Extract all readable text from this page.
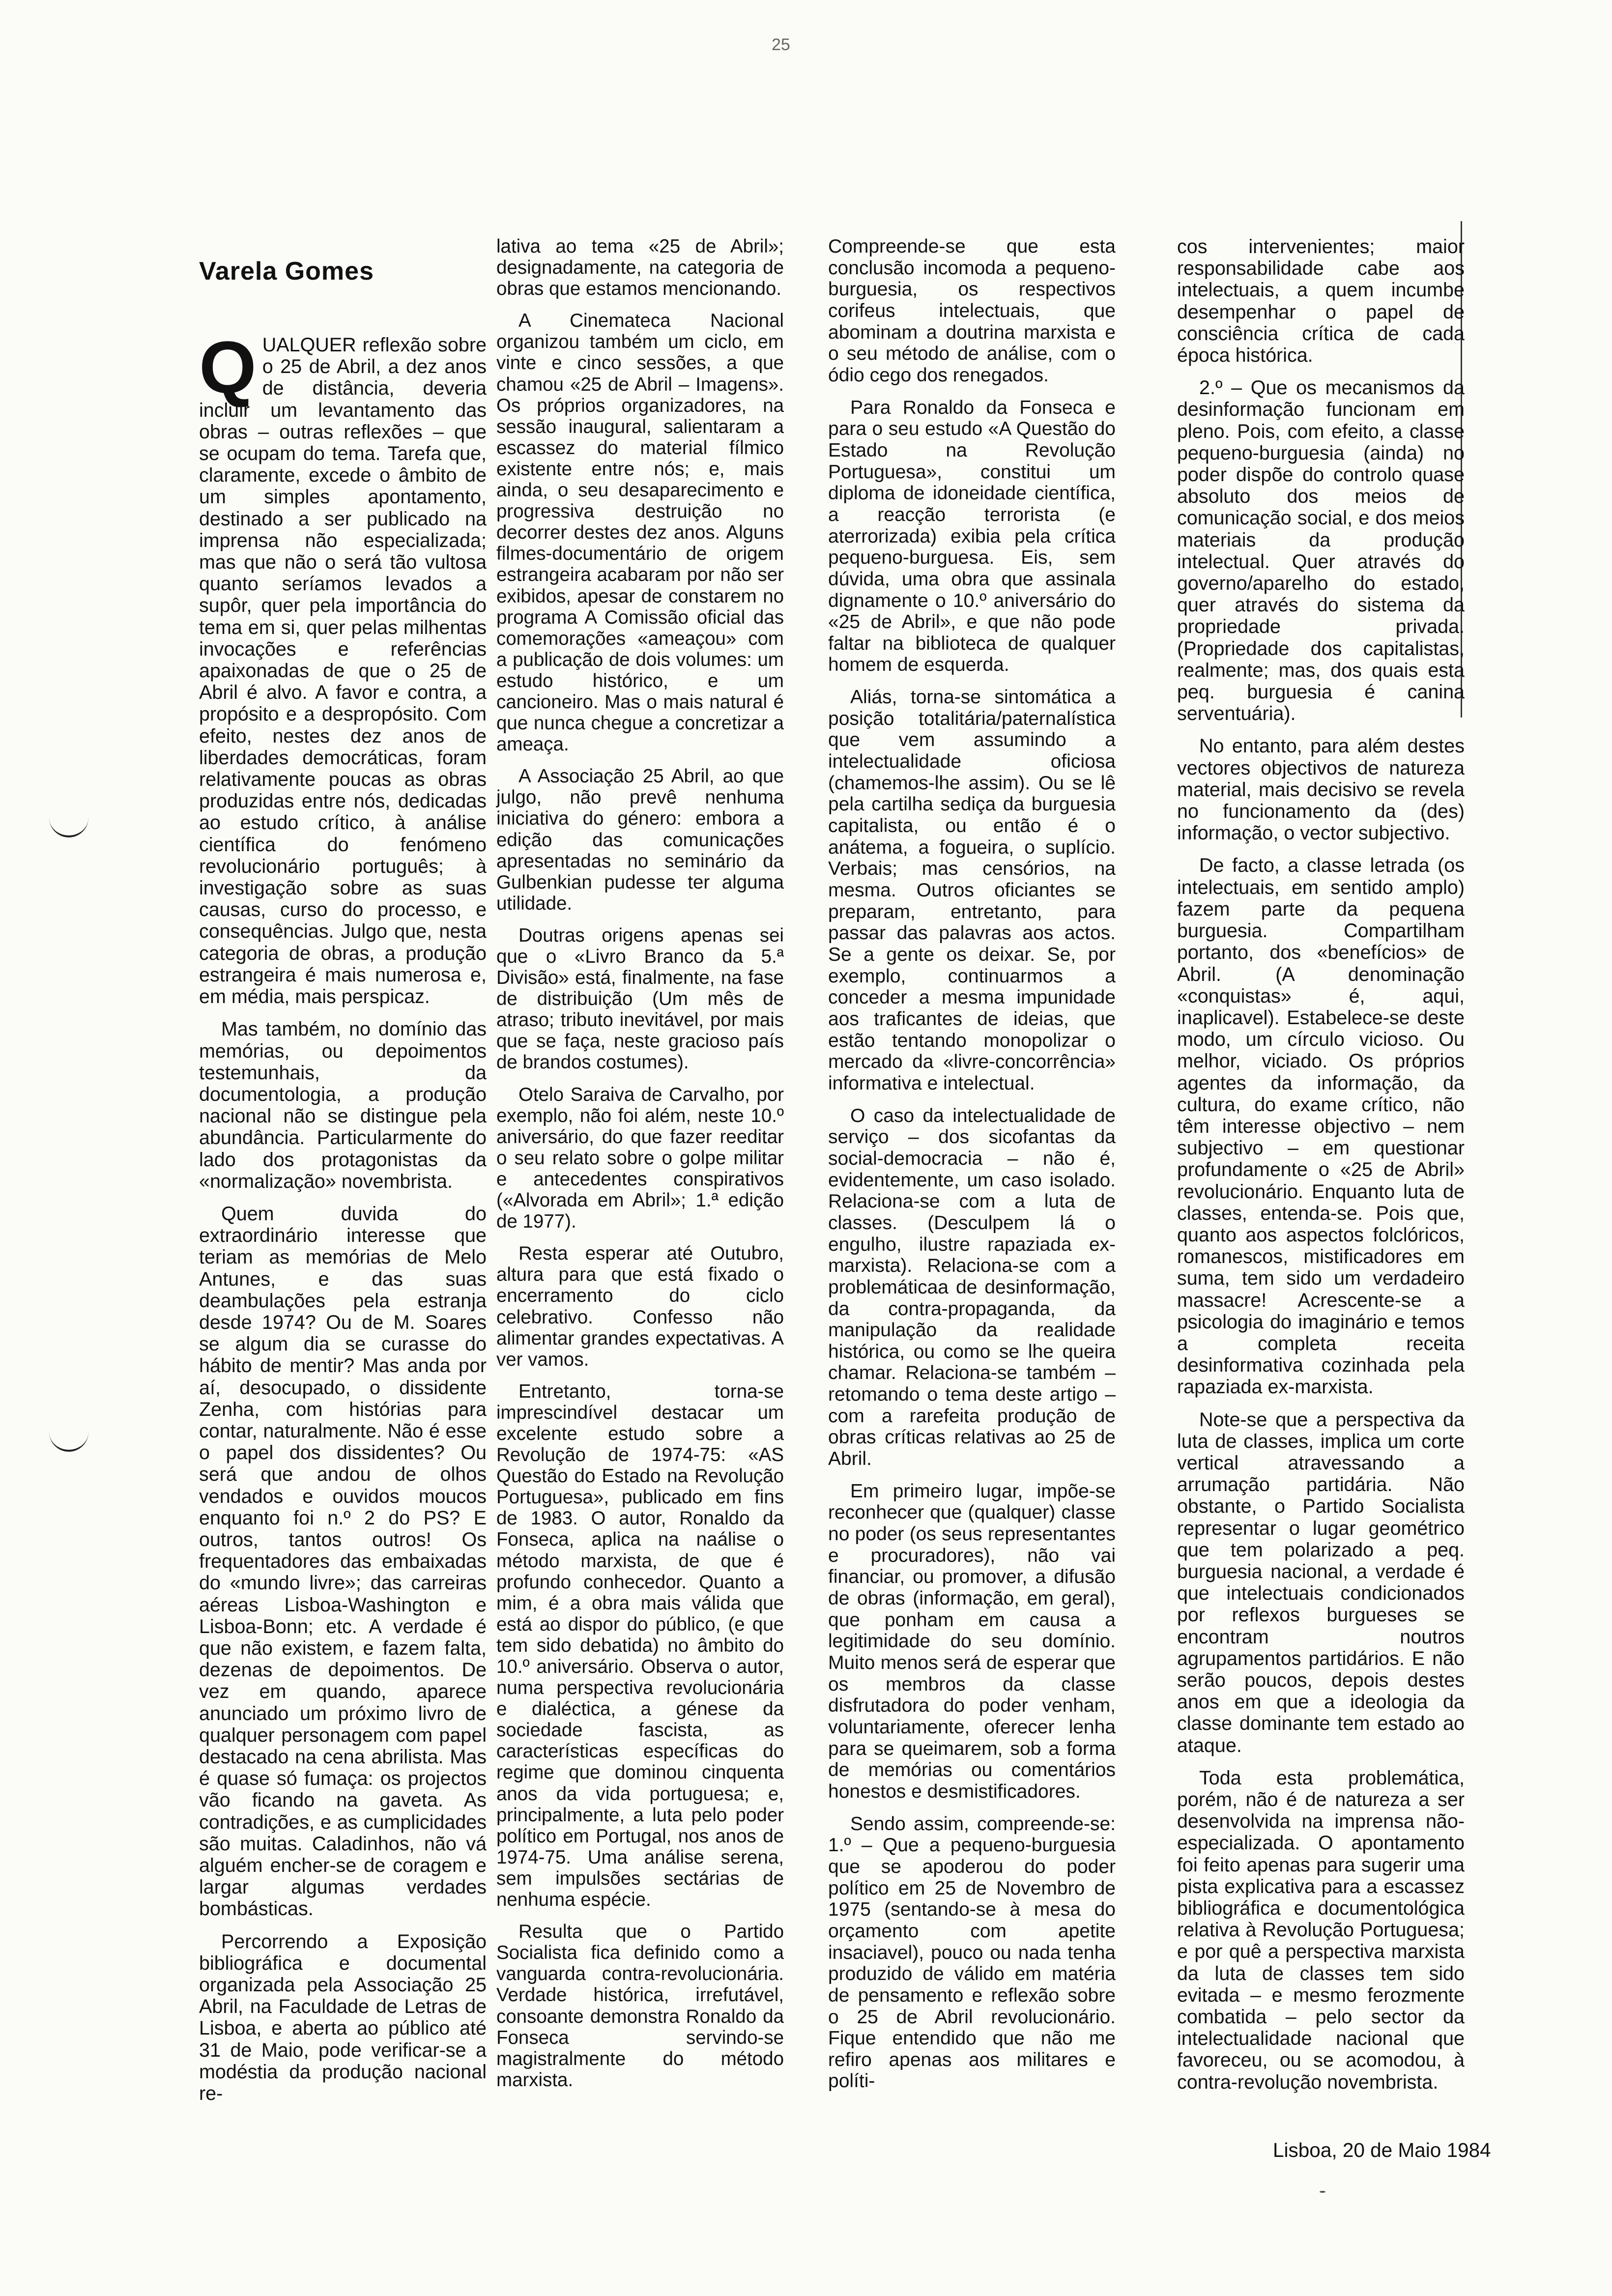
25
Varela Gomes

QUALQUER reflexão sobre o 25 de Abril, a dez anos de distância, deveria incluir um levantamento das obras – outras reflexões – que se ocupam do tema. Tarefa que, claramente, excede o âmbito de um simples apontamento, destinado a ser publicado na imprensa não especializada; mas que não o será tão vultosa quanto seríamos levados a supôr, quer pela importância do tema em si, quer pelas milhentas invocações e referências apaixonadas de que o 25 de Abril é alvo. A favor e contra, a propósito e a despropósito. Com efeito, nestes dez anos de liberdades democráticas, foram relativamente poucas as obras produzidas entre nós, dedicadas ao estudo crítico, à análise científica do fenómeno revolucionário português; à investigação sobre as suas causas, curso do processo, e consequências. Julgo que, nesta categoria de obras, a produção estrangeira é mais numerosa e, em média, mais perspicaz.

Mas também, no domínio das memórias, ou depoimentos testemunhais, da documentologia, a produção nacional não se distingue pela abundância. Particularmente do lado dos protagonistas da «normalização» novembrista.

Quem duvida do extraordinário interesse que teriam as memórias de Melo Antunes, e das suas deambulações pela estranja desde 1974? Ou de M. Soares se algum dia se curasse do hábito de mentir? Mas anda por aí, desocupado, o dissidente Zenha, com histórias para contar, naturalmente. Não é esse o papel dos dissidentes? Ou será que andou de olhos vendados e ouvidos moucos enquanto foi n.º 2 do PS? E outros, tantos outros! Os frequentadores das embaixadas do «mundo livre»; das carreiras aéreas Lisboa-Washington e Lisboa-Bonn; etc. A verdade é que não existem, e fazem falta, dezenas de depoimentos. De vez em quando, aparece anunciado um próximo livro de qualquer personagem com papel destacado na cena abrilista. Mas é quase só fumaça: os projectos vão ficando na gaveta. As contradições, e as cumplicidades são muitas. Caladinhos, não vá alguém encher-se de coragem e largar algumas verdades bombásticas.

Percorrendo a Exposição bibliográfica e documental organizada pela Associação 25 Abril, na Faculdade de Letras de Lisboa, e aberta ao público até 31 de Maio, pode verificar-se a modéstia da produção nacional re-

lativa ao tema «25 de Abril»; designadamente, na categoria de obras que estamos mencionando.

A Cinemateca Nacional organizou também um ciclo, em vinte e cinco sessões, a que chamou «25 de Abril – Imagens». Os próprios organizadores, na sessão inaugural, salientaram a escassez do material fílmico existente entre nós; e, mais ainda, o seu desaparecimento e progressiva destruição no decorrer destes dez anos. Alguns filmes-documentário de origem estrangeira acabaram por não ser exibidos, apesar de constarem no programa A Comissão oficial das comemorações «ameaçou» com a publicação de dois volumes: um estudo histórico, e um cancioneiro. Mas o mais natural é que nunca chegue a concretizar a ameaça.

A Associação 25 Abril, ao que julgo, não prevê nenhuma iniciativa do género: embora a edição das comunicações apresentadas no seminário da Gulbenkian pudesse ter alguma utilidade.

Doutras origens apenas sei que o «Livro Branco da 5.ª Divisão» está, finalmente, na fase de distribuição (Um mês de atraso; tributo inevitável, por mais que se faça, neste gracioso país de brandos costumes).

Otelo Saraiva de Carvalho, por exemplo, não foi além, neste 10.º aniversário, do que fazer reeditar o seu relato sobre o golpe militar e antecedentes conspirativos («Alvorada em Abril»; 1.ª edição de 1977).

Resta esperar até Outubro, altura para que está fixado o encerramento do ciclo celebrativo. Confesso não alimentar grandes expectativas. A ver vamos.

Entretanto, torna-se imprescindível destacar um excelente estudo sobre a Revolução de 1974-75: «AS Questão do Estado na Revolução Portuguesa», publicado em fins de 1983. O autor, Ronaldo da Fonseca, aplica na naálise o método marxista, de que é profundo conhecedor. Quanto a mim, é a obra mais válida que está ao dispor do público, (e que tem sido debatida) no âmbito do 10.º aniversário. Observa o autor, numa perspectiva revolucionária e dialéctica, a génese da sociedade fascista, as características específicas do regime que dominou cinquenta anos da vida portuguesa; e, principalmente, a luta pelo poder político em Portugal, nos anos de 1974-75. Uma análise serena, sem impulsões sectárias de nenhuma espécie.

Resulta que o Partido Socialista fica definido como a vanguarda contra-revolucionária. Verdade histórica, irrefutável, consoante demonstra Ronaldo da Fonseca servindo-se magistralmente do método marxista.

Compreende-se que esta conclusão incomoda a pequeno-burguesia, os respectivos corifeus intelectuais, que abominam a doutrina marxista e o seu método de análise, com o ódio cego dos renegados.

Para Ronaldo da Fonseca e para o seu estudo «A Questão do Estado na Revolução Portuguesa», constitui um diploma de idoneidade científica, a reacção terrorista (e aterrorizada) exibia pela crítica pequeno-burguesa. Eis, sem dúvida, uma obra que assinala dignamente o 10.º aniversário do «25 de Abril», e que não pode faltar na biblioteca de qualquer homem de esquerda.

Aliás, torna-se sintomática a posição totalitária/paternalística que vem assumindo a intelectualidade oficiosa (chamemos-lhe assim). Ou se lê pela cartilha sediça da burguesia capitalista, ou então é o anátema, a fogueira, o suplício. Verbais; mas censórios, na mesma. Outros oficiantes se preparam, entretanto, para passar das palavras aos actos. Se a gente os deixar. Se, por exemplo, continuarmos a conceder a mesma impunidade aos traficantes de ideias, que estão tentando monopolizar o mercado da «livre-concorrência» informativa e intelectual.

O caso da intelectualidade de serviço – dos sicofantas da social-democracia – não é, evidentemente, um caso isolado. Relaciona-se com a luta de classes. (Desculpem lá o engulho, ilustre rapaziada ex-marxista). Relaciona-se com a problemáticaa de desinformação, da contra-propaganda, da manipulação da realidade histórica, ou como se lhe queira chamar. Relaciona-se também – retomando o tema deste artigo – com a rarefeita produção de obras críticas relativas ao 25 de Abril.

Em primeiro lugar, impõe-se reconhecer que (qualquer) classe no poder (os seus representantes e procuradores), não vai financiar, ou promover, a difusão de obras (informação, em geral), que ponham em causa a legitimidade do seu domínio. Muito menos será de esperar que os membros da classe disfrutadora do poder venham, voluntariamente, oferecer lenha para se queimarem, sob a forma de memórias ou comentários honestos e desmistificadores.

Sendo assim, compreende-se: 1.º – Que a pequeno-burguesia que se apoderou do poder político em 25 de Novembro de 1975 (sentando-se à mesa do orçamento com apetite insaciavel), pouco ou nada tenha produzido de válido em matéria de pensamento e reflexão sobre o 25 de Abril revolucionário. Fique entendido que não me refiro apenas aos militares e políti-

cos intervenientes; maior responsabilidade cabe aos intelectuais, a quem incumbe desempenhar o papel de consciência crítica de cada época histórica.

2.º – Que os mecanismos da desinformação funcionam em pleno. Pois, com efeito, a classe pequeno-burguesia (ainda) no poder dispõe do controlo quase absoluto dos meios de comunicação social, e dos meios materiais da produção intelectual. Quer através do governo/aparelho do estado, quer através do sistema da propriedade privada. (Propriedade dos capitalistas, realmente; mas, dos quais esta peq. burguesia é canina serventuária).

No entanto, para além destes vectores objectivos de natureza material, mais decisivo se revela no funcionamento da (des) informação, o vector subjectivo.

De facto, a classe letrada (os intelectuais, em sentido amplo) fazem parte da pequena burguesia. Compartilham portanto, dos «benefícios» de Abril. (A denominação «conquistas» é, aqui, inaplicavel). Estabelece-se deste modo, um círculo vicioso. Ou melhor, viciado. Os próprios agentes da informação, da cultura, do exame crítico, não têm interesse objectivo – nem subjectivo – em questionar profundamente o «25 de Abril» revolucionário. Enquanto luta de classes, entenda-se. Pois que, quanto aos aspectos folclóricos, romanescos, mistificadores em suma, tem sido um verdadeiro massacre! Acrescente-se a psicologia do imaginário e temos a completa receita desinformativa cozinhada pela rapaziada ex-marxista.

Note-se que a perspectiva da luta de classes, implica um corte vertical atravessando a arrumação partidária. Não obstante, o Partido Socialista representar o lugar geométrico que tem polarizado a peq. burguesia nacional, a verdade é que intelectuais condicionados por reflexos burgueses se encontram noutros agrupamentos partidários. E não serão poucos, depois destes anos em que a ideologia da classe dominante tem estado ao ataque.

Toda esta problemática, porém, não é de natureza a ser desenvolvida na imprensa não-especializada. O apontamento foi feito apenas para sugerir uma pista explicativa para a escassez bibliográfica e documentológica relativa à Revolução Portuguesa; e por quê a perspectiva marxista da luta de classes tem sido evitada – e mesmo ferozmente combatida – pelo sector da intelectualidade nacional que favoreceu, ou se acomodou, à contra-revolução novembrista.

Lisboa, 20 de Maio 1984
